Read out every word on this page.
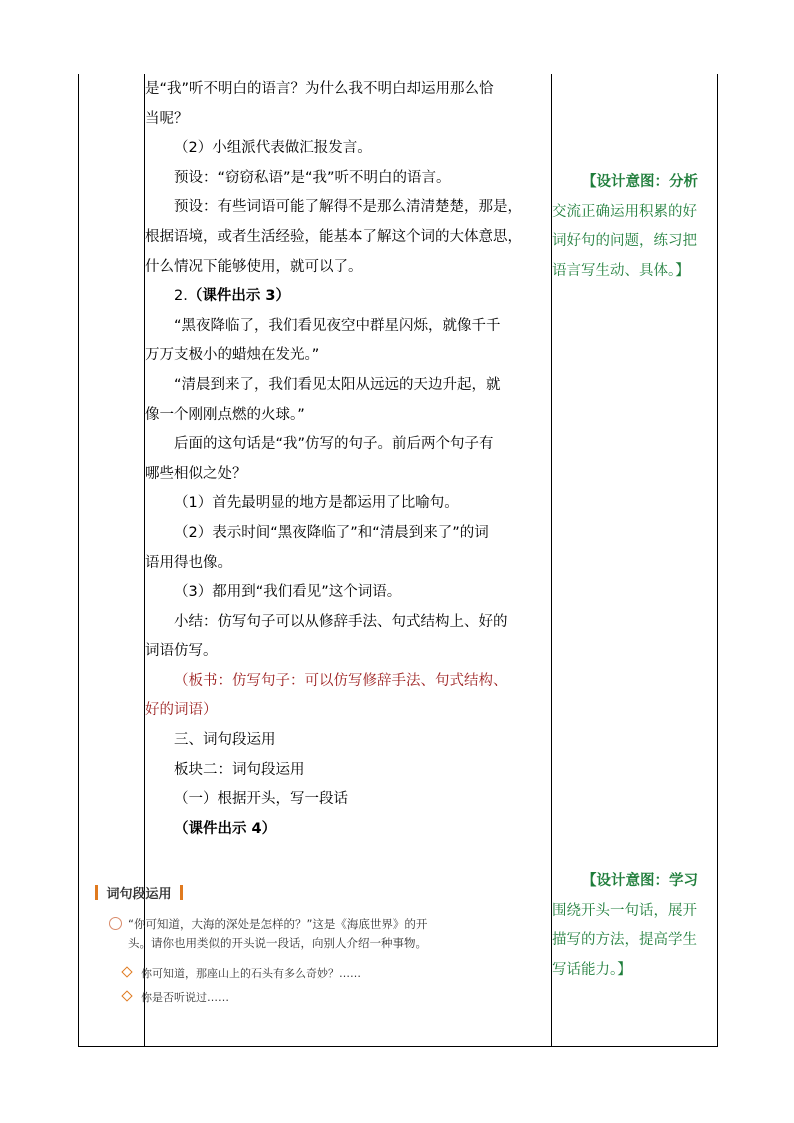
是“我”听不明白的语言？为什么我不明白却运用那么恰

当呢？

（2）小组派代表做汇报发言。

预设：“窃窃私语”是“我”听不明白的语言。

预设：有些词语可能了解得不是那么清清楚楚，那是，

根据语境，或者生活经验，能基本了解这个词的大体意思，

什么情况下能够使用，就可以了。

2.（课件出示 3）

“黑夜降临了，我们看见夜空中群星闪烁，就像千千

万万支极小的蜡烛在发光。”

“清晨到来了，我们看见太阳从远远的天边升起，就

像一个刚刚点燃的火球。”

后面的这句话是“我”仿写的句子。前后两个句子有

哪些相似之处？

（1）首先最明显的地方是都运用了比喻句。

（2）表示时间“黑夜降临了”和“清晨到来了”的词

语用得也像。

（3）都用到“我们看见”这个词语。

小结：仿写句子可以从修辞手法、句式结构上、好的

词语仿写。

（板书：仿写句子：可以仿写修辞手法、句式结构、

好的词语）

三、词句段运用

板块二：词句段运用

（一）根据开头，写一段话

（课件出示 4）

词句段运用
“你可知道，大海的深处是怎样的？”这是《海底世界》的开
头。请你也用类似的开头说一段话，向别人介绍一种事物。
你可知道，那座山上的石头有多么奇妙？……
你是否听说过……

【设计意图：分析

交流正确运用积累的好

词好句的问题，练习把

语言写生动、具体。】

【设计意图：学习

围绕开头一句话，展开

描写的方法，提高学生

写话能力。】
